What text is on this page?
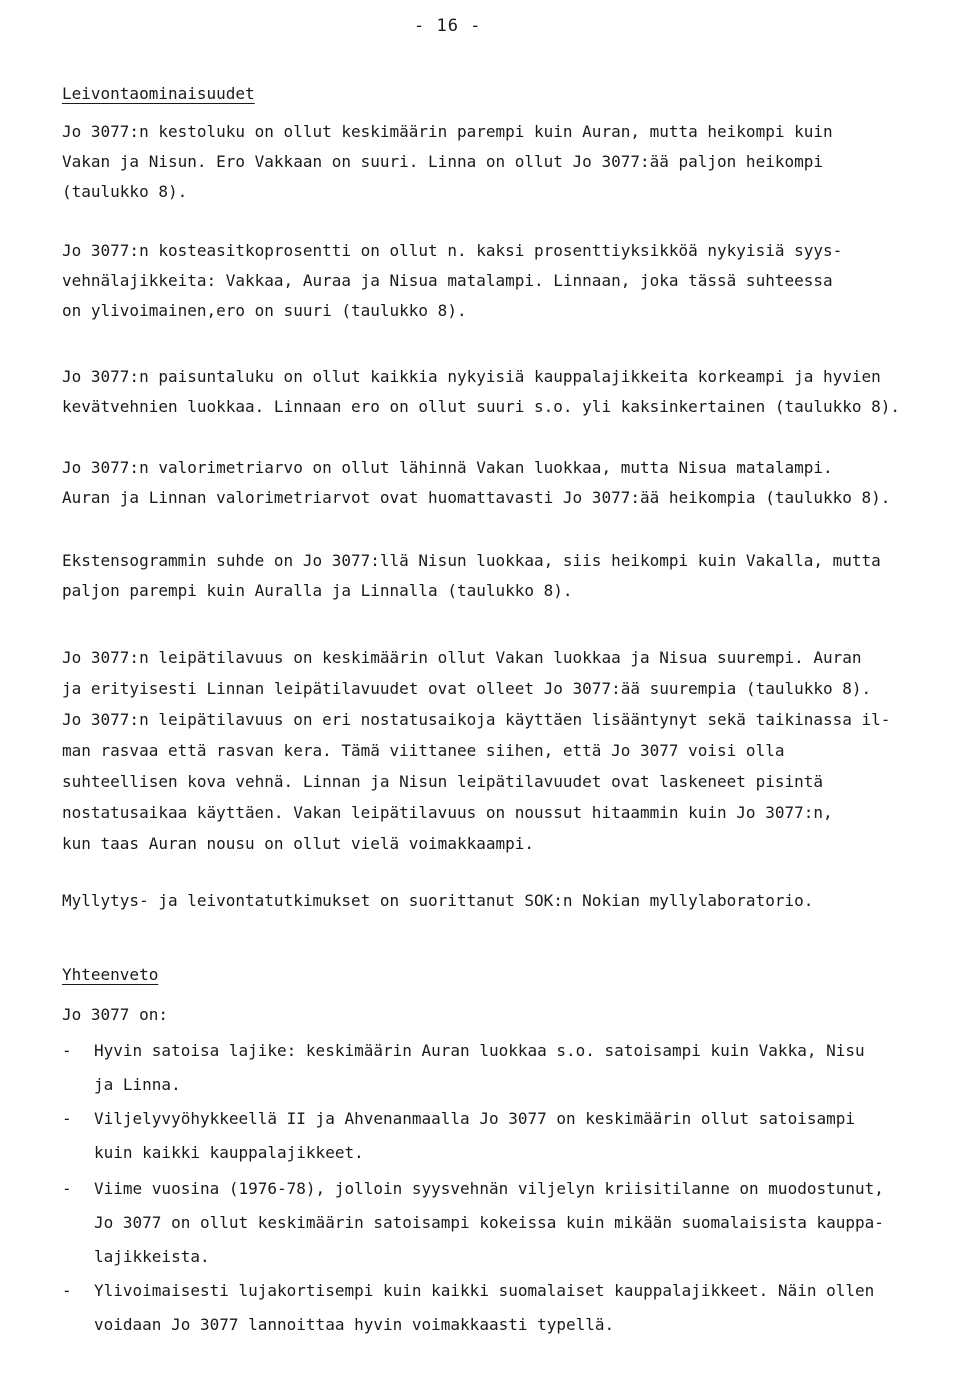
- 16 -
Leivontaominaisuudet
Jo 3077:n kestoluku on ollut keskimäärin parempi kuin Auran, mutta heikompi kuin
Vakan ja Nisun. Ero Vakkaan on suuri. Linna on ollut Jo 3077:ää paljon heikompi
(taulukko 8).
Jo 3077:n kosteasitkoprosentti on ollut n. kaksi prosenttiyksikköä nykyisiä syys-
vehnälajikkeita: Vakkaa, Auraa ja Nisua matalampi. Linnaan, joka tässä suhteessa
on ylivoimainen,ero on suuri (taulukko 8).
Jo 3077:n paisuntaluku on ollut kaikkia nykyisiä kauppalajikkeita korkeampi ja hyvien
kevätvehnien luokkaa. Linnaan ero on ollut suuri s.o. yli kaksinkertainen (taulukko 8).
Jo 3077:n valorimetriarvo on ollut lähinnä Vakan luokkaa, mutta Nisua matalampi.
Auran ja Linnan valorimetriarvot ovat huomattavasti Jo 3077:ää heikompia (taulukko 8).
Ekstensogrammin suhde on Jo 3077:llä Nisun luokkaa, siis heikompi kuin Vakalla, mutta
paljon parempi kuin Auralla ja Linnalla (taulukko 8).
Jo 3077:n leipätilavuus on keskimäärin ollut Vakan luokkaa ja Nisua suurempi. Auran
ja erityisesti Linnan leipätilavuudet ovat olleet Jo 3077:ää suurempia (taulukko 8).
Jo 3077:n leipätilavuus on eri nostatusaikoja käyttäen lisääntynyt sekä taikinassa il-
man rasvaa että rasvan kera. Tämä viittanee siihen, että Jo 3077 voisi olla
suhteellisen kova vehnä. Linnan ja Nisun leipätilavuudet ovat laskeneet pisintä
nostatusaikaa käyttäen. Vakan leipätilavuus on noussut hitaammin kuin Jo 3077:n,
kun taas Auran nousu on ollut vielä voimakkaampi.
Myllytys- ja leivontatutkimukset on suorittanut SOK:n Nokian myllylaboratorio.
Yhteenveto
Jo 3077 on:
- Hyvin satoisa lajike: keskimäärin Auran luokkaa s.o. satoisampi kuin Vakka, Nisu
ja Linna.
- Viljelyvyöhykkeellä II ja Ahvenanmaalla Jo 3077 on keskimäärin ollut satoisampi
kuin kaikki kauppalajikkeet.
- Viime vuosina (1976-78), jolloin syysvehnän viljelyn kriisitilanne on muodostunut,
Jo 3077 on ollut keskimäärin satoisampi kokeissa kuin mikään suomalaisista kauppa-
lajikkeista.
- Ylivoimaisesti lujakortisempi kuin kaikki suomalaiset kauppalajikkeet. Näin ollen
voidaan Jo 3077 lannoittaa hyvin voimakkaasti typellä.
